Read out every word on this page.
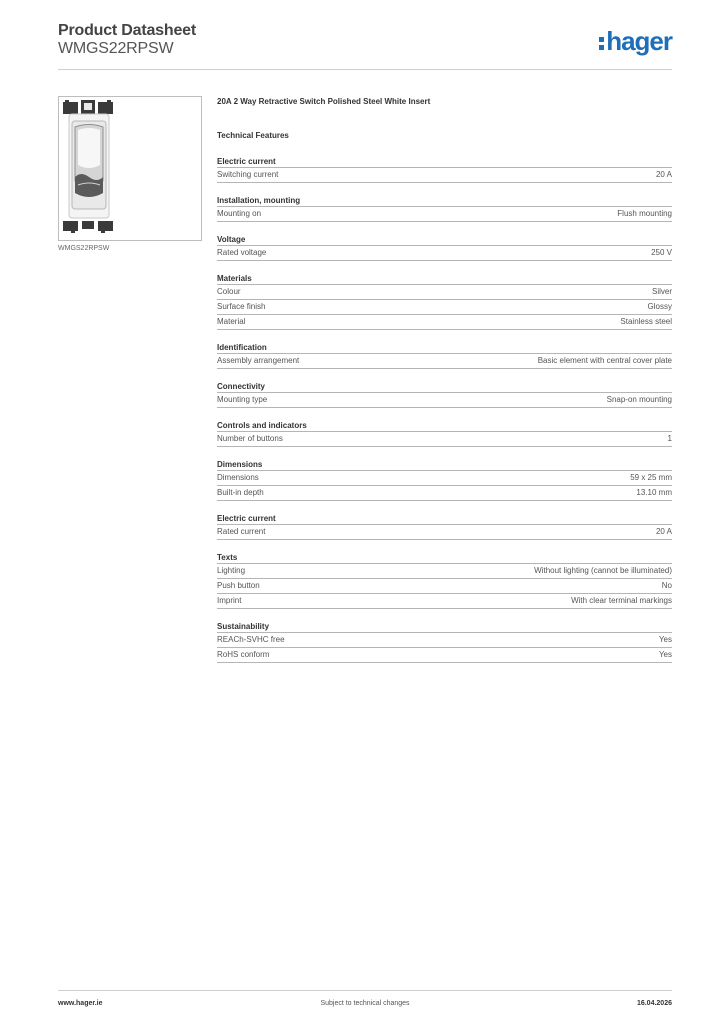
Product Datasheet
WMGS22RPSW	hager
WMGS22RPSW
20A 2 Way Retractive Switch Polished Steel White Insert
Technical Features
Electric current
Switching current	20 A
Installation, mounting
Mounting on	Flush mounting
Voltage
Rated voltage	250 V
Materials
Colour	Silver
Surface finish	Glossy
Material	Stainless steel
Identification
Assembly arrangement	Basic element with central cover plate
Connectivity
Mounting type	Snap-on mounting
Controls and indicators
Number of buttons	1
Dimensions
Dimensions	59 x 25 mm
Built-in depth	13.10 mm
Electric current
Rated current	20 A
Texts
Lighting	Without lighting (cannot be illuminated)
Push button	No
Imprint	With clear terminal markings
Sustainability
REACh-SVHC free	Yes
RoHS conform	Yes
www.hager.ie	Subject to technical changes	16.04.2026
